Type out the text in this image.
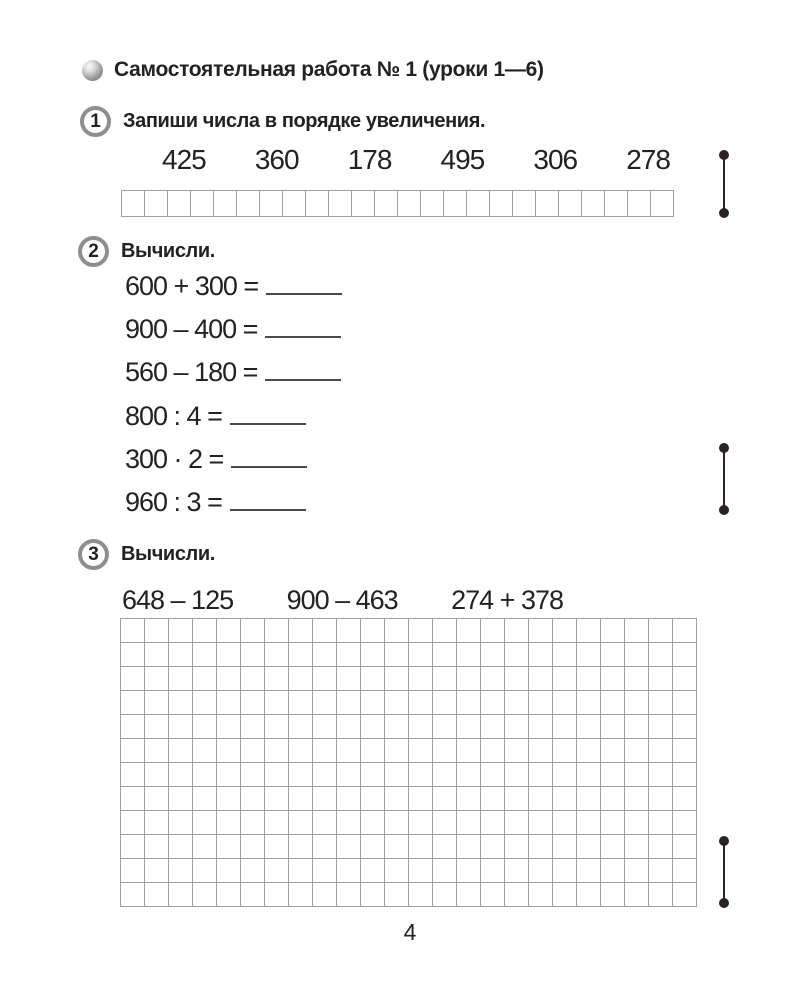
Самостоятельная работа № 1 (уроки 1—6)
1	Запиши числа в порядке увеличения.
425 360 178 495 306 278
2	Вычисли.
600 + 300 =
900 – 400 =
560 – 180 =
800 : 4 =
300 · 2 =
960 : 3 =
3	Вычисли.
648 – 125 900 – 463 274 + 378
4
